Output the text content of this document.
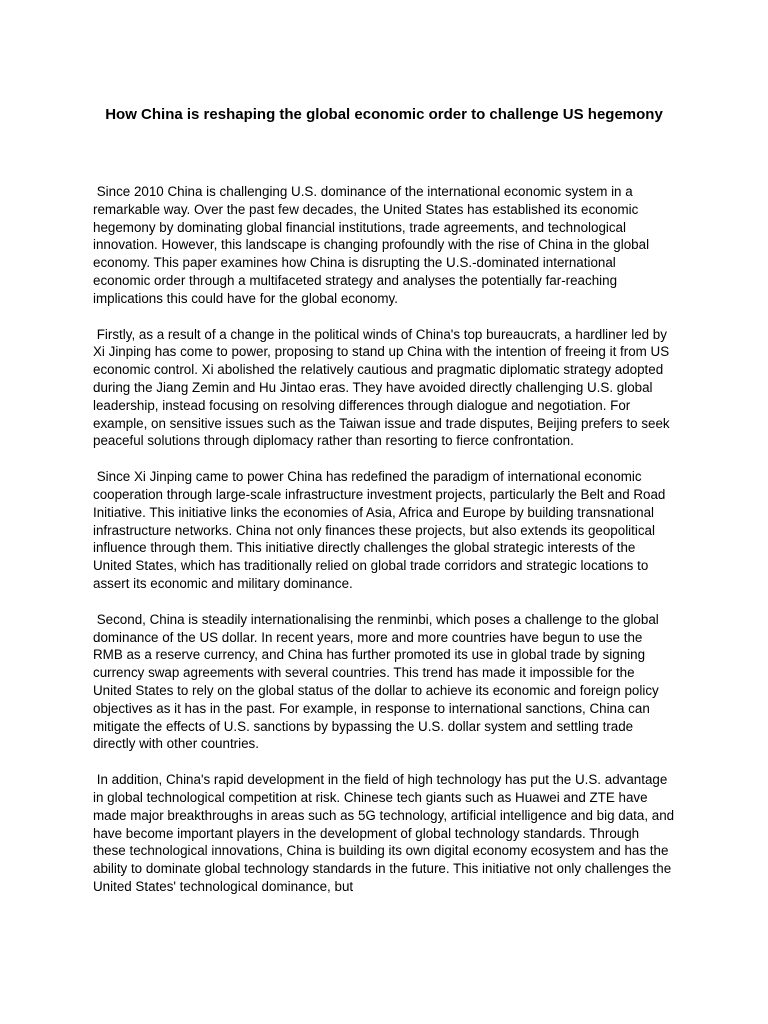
How China is reshaping the global economic order to challenge US hegemony

Since 2010 China is challenging U.S. dominance of the international economic system in a remarkable way. Over the past few decades, the United States has established its economic hegemony by dominating global financial institutions, trade agreements, and technological innovation. However, this landscape is changing profoundly with the rise of China in the global economy. This paper examines how China is disrupting the U.S.-dominated international economic order through a multifaceted strategy and analyses the potentially far-reaching implications this could have for the global economy.

Firstly, as a result of a change in the political winds of China's top bureaucrats, a hardliner led by Xi Jinping has come to power, proposing to stand up China with the intention of freeing it from US economic control. Xi abolished the relatively cautious and pragmatic diplomatic strategy adopted during the Jiang Zemin and Hu Jintao eras. They have avoided directly challenging U.S. global leadership, instead focusing on resolving differences through dialogue and negotiation. For example, on sensitive issues such as the Taiwan issue and trade disputes, Beijing prefers to seek peaceful solutions through diplomacy rather than resorting to fierce confrontation.

Since Xi Jinping came to power China has redefined the paradigm of international economic cooperation through large-scale infrastructure investment projects, particularly the Belt and Road Initiative. This initiative links the economies of Asia, Africa and Europe by building transnational infrastructure networks. China not only finances these projects, but also extends its geopolitical influence through them. This initiative directly challenges the global strategic interests of the United States, which has traditionally relied on global trade corridors and strategic locations to assert its economic and military dominance.

Second, China is steadily internationalising the renminbi, which poses a challenge to the global dominance of the US dollar. In recent years, more and more countries have begun to use the RMB as a reserve currency, and China has further promoted its use in global trade by signing currency swap agreements with several countries. This trend has made it impossible for the United States to rely on the global status of the dollar to achieve its economic and foreign policy objectives as it has in the past. For example, in response to international sanctions, China can mitigate the effects of U.S. sanctions by bypassing the U.S. dollar system and settling trade directly with other countries.

In addition, China's rapid development in the field of high technology has put the U.S. advantage in global technological competition at risk. Chinese tech giants such as Huawei and ZTE have made major breakthroughs in areas such as 5G technology, artificial intelligence and big data, and have become important players in the development of global technology standards. Through these technological innovations, China is building its own digital economy ecosystem and has the ability to dominate global technology standards in the future. This initiative not only challenges the United States' technological dominance, but
